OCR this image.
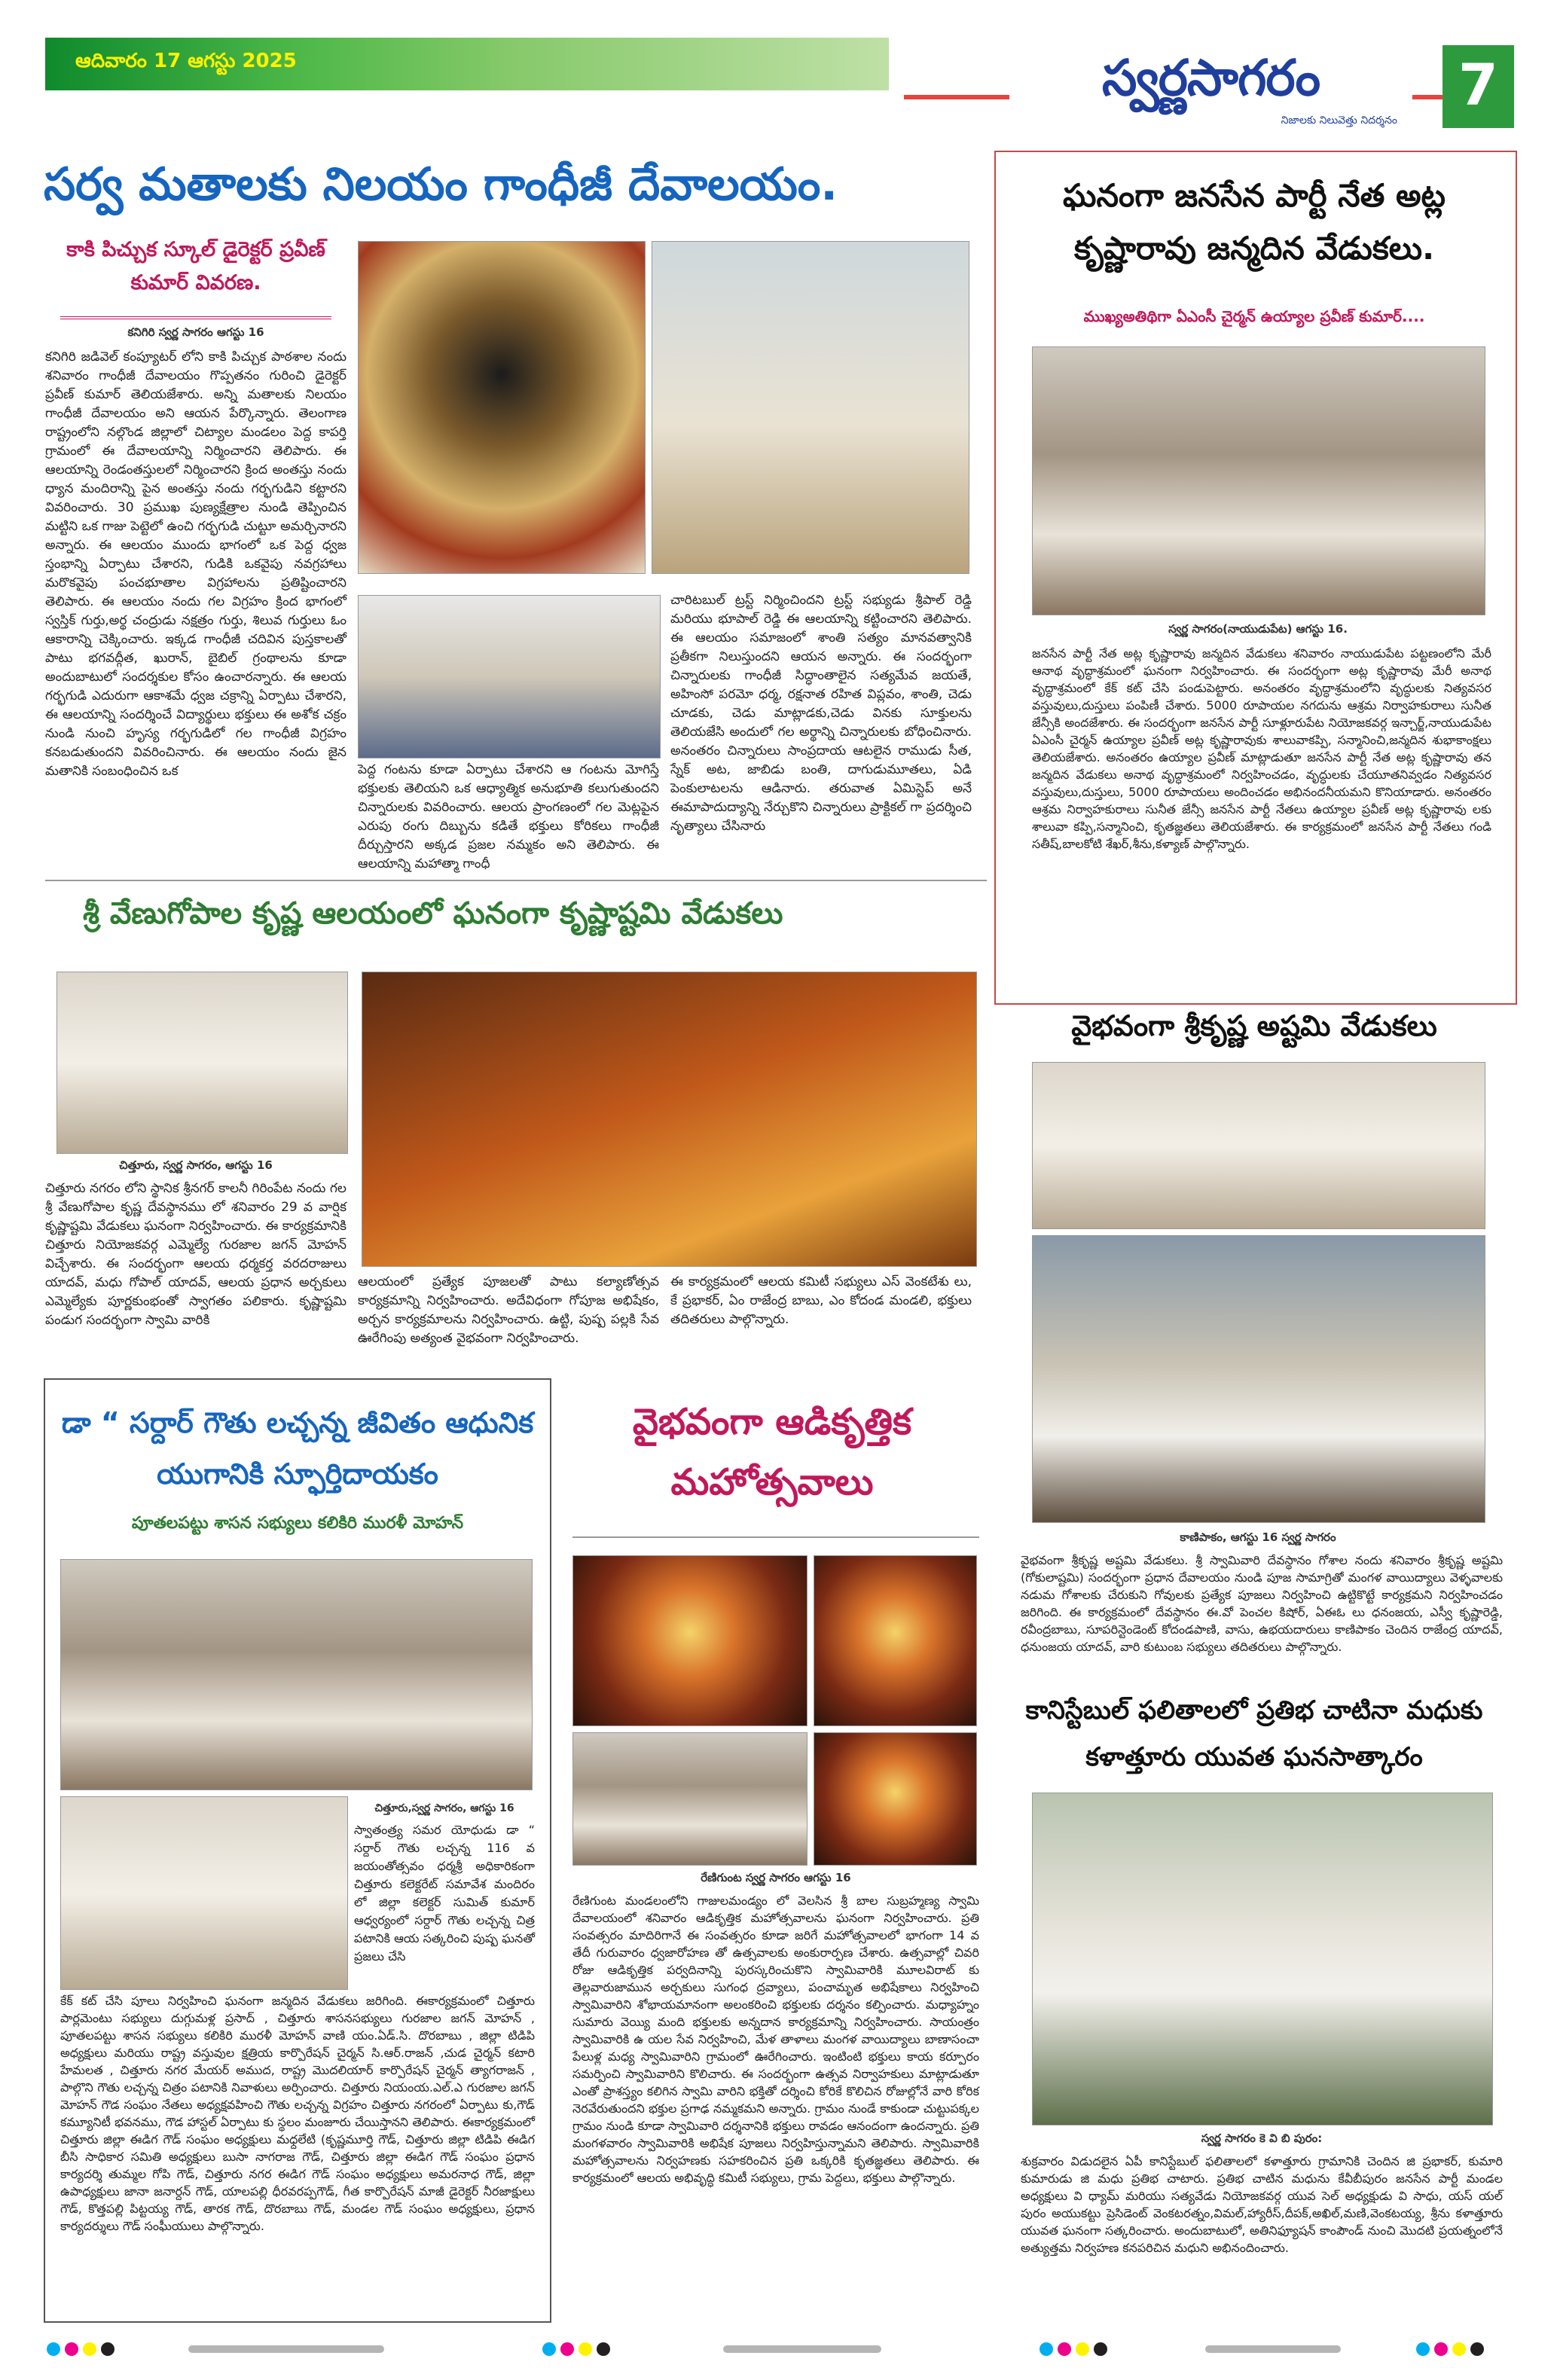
ఆదివారం 17 ఆగస్టు 2025	స్వర్ణసాగరం
నిజాలకు నిలువెత్తు నిదర్శనం
7
సర్వ మతాలకు నిలయం గాంధీజీ దేవాలయం.
కాకి పిచ్చుక స్కూల్ డైరెక్టర్ ప్రవీణ్ కుమార్ వివరణ.
కనిగిరి స్వర్ణ సాగరం ఆగస్టు 16
కనిగిరి జడివెల్ కంప్యూటర్ లోని కాకి పిచ్చుక పాఠశాల నందు శనివారం గాంధీజీ దేవాలయం గొప్పతనం గురించి డైరెక్టర్ ప్రవీణ్ కుమార్ తెలియజేశారు. అన్ని మతాలకు నిలయం గాంధీజీ దేవాలయం అని ఆయన పేర్కొన్నారు. తెలంగాణ రాష్ట్రంలోని నల్గొండ జిల్లాలో చిట్యాల మండలం పెద్ద కాపర్తి గ్రామంలో ఈ దేవాలయాన్ని నిర్మించారని తెలిపారు. ఈ ఆలయాన్ని రెండంతస్తులలో నిర్మించారని క్రింద అంతస్తు నందు ధ్యాన మందిరాన్ని పైన అంతస్తు నందు గర్భగుడిని కట్టారని వివరించారు. 30 ప్రముఖ పుణ్యక్షేత్రాల నుండి తెప్పించిన మట్టిని ఒక గాజు పెట్టెలో ఉంచి గర్భగుడి చుట్టూ అమర్చినారని అన్నారు. ఈ ఆలయం ముందు భాగంలో ఒక పెద్ద ధ్వజ స్తంభాన్ని ఏర్పాటు చేశారని, గుడికి ఒకవైపు నవగ్రహాలు మరొకవైపు పంచభూతాల విగ్రహాలను ప్రతిష్టించారని తెలిపారు. ఈ ఆలయం నందు గల విగ్రహం క్రింద భాగంలో స్వస్తిక్ గుర్తు,అర్థ చంద్రుడు నక్షత్రం గుర్తు, శిలువ గుర్తులు ఓం ఆకారాన్ని చెక్కించారు. ఇక్కడ గాంధీజీ చదివిన పుస్తకాలతో పాటు భగవద్గీత, ఖురాన్, బైబిల్ గ్రంథాలను కూడా అందుబాటులో సందర్శకుల కోసం ఉంచారన్నారు. ఈ ఆలయ గర్భగుడి ఎదురుగా ఆకాశమే ధ్వజ చక్రాన్ని ఏర్పాటు చేశారని, ఈ ఆలయాన్ని సందర్శించే విద్యార్థులు భక్తులు ఈ అశోక చక్రం నుండి నుంచి హృస్య గర్భగుడిలో గల గాంధీజీ విగ్రహం కనబడుతుందని వివరించినారు. ఈ ఆలయం నందు జైన మతానికి సంబంధించిన ఒక	పెద్ద గంటను కూడా ఏర్పాటు చేశారని ఆ గంటను మోగిస్తే భక్తులకు తెలియని ఒక ఆధ్యాత్మిక అనుభూతి కలుగుతుందని చిన్నారులకు వివరించారు. ఆలయ ప్రాంగణంలో గల మెట్లపైన ఎరుపు రంగు దిబ్బును కడితే భక్తులు కోరికలు గాంధీజీ దీర్చుస్తారని అక్కడ ప్రజల నమ్మకం అని తెలిపారు. ఈ ఆలయాన్ని మహాత్మా గాంధీ
చారిటబుల్ ట్రస్ట్ నిర్మించిందని ట్రస్ట్ సభ్యుడు శ్రీపాల్ రెడ్డి మరియు భూపాల్ రెడ్డి ఈ ఆలయాన్ని కట్టించారని తెలిపారు. ఈ ఆలయం సమాజంలో శాంతి సత్యం మానవత్వానికి ప్రతీకగా నిలుస్తుందని ఆయన అన్నారు. ఈ సందర్భంగా చిన్నారులకు గాంధీజీ సిద్ధాంతాలైన సత్యమేవ జయతే, అహింసో పరమో ధర్మ, రక్షనాత రహిత విప్లవం, శాంతి, చెడు చూడకు, చెడు మాట్లాడకు,చెడు వినకు సూక్తులను తెలియజేసి అందులో గల అర్థాన్ని చిన్నారులకు బోధించినారు. అనంతరం చిన్నారులు సాంప్రదాయ ఆటలైన రాముడు సీత, స్నేక్ అట, జాబిడు బంతి, దాగుడుమూతలు, ఏడి పెంకులాటలను ఆడినారు. తరువాత ఏమిస్టెప్ అనే ఈమాపాదుద్యాన్ని నేర్చుకొని చిన్నారులు ప్రాక్టికల్ గా ప్రదర్శించి నృత్యాలు చేసినారు
ఘనంగా జనసేన పార్టీ నేత అట్ల కృష్ణారావు జన్మదిన వేడుకలు.
ముఖ్యఅతిథిగా ఏఎంసీ చైర్మన్ ఉయ్యాల ప్రవీణ్ కుమార్....
స్వర్ణ సాగరం(నాయుడుపేట) ఆగస్టు 16.
జనసేన పార్టీ నేత అట్ల కృష్ణారావు జన్మదిన వేడుకలు శనివారం నాయుడుపేట పట్టణంలోని మేరీ ఆనాథ వృద్ధాశ్రమంలో ఘనంగా నిర్వహించారు. ఈ సందర్భంగా అట్ల కృష్ణారావు మేరీ అనాథ వృద్ధాశ్రమంలో కేక్ కట్ చేసి పండుపెట్టారు. అనంతరం వృద్ధాశ్రమంలోని వృద్ధులకు నిత్యవసర వస్తువులు,దుస్తులు పంపిణీ చేశారు. 5000 రూపాయల నగదును ఆశ్రమ నిర్వాహకురాలు సునీత జేన్సీకి అందజేశారు. ఈ సందర్భంగా జనసేన పార్టీ సూళ్లూరుపేట నియోజకవర్గ ఇన్చార్జ్,నాయుడుపేట ఏఎంసీ చైర్మన్ ఉయ్యాల ప్రవీణ్ అట్ల కృష్ణారావుకు శాలువాకప్పి, సన్మానించి,జన్మదిన శుభాకాంక్షలు తెలియజేశారు. అనంతరం ఉయ్యాల ప్రవీణ్ మాట్లాడుతూ జనసేన పార్టీ నేత అట్ల కృష్ణారావు తన జన్మదిన వేడుకలు అనాథ వృద్ధాశ్రమంలో నిర్వహించడం, వృద్ధులకు చేయూతనివ్వడం నిత్యవసర వస్తువులు,దుస్తులు, 5000 రూపాయలు అందించడం అభినందనీయమని కొనియాడారు. అనంతరం ఆశ్రమ నిర్వాహకురాలు సునీత జేన్సీ జనసేన పార్టీ నేతలు ఉయ్యాల ప్రవీణ్ అట్ల కృష్ణారావు లకు శాలువా కప్పి,సన్మానించి, కృతజ్ఞతలు తెలియజేశారు. ఈ కార్యక్రమంలో జనసేన పార్టీ నేతలు గండి సతీష్,బాలకోటి శేఖర్,శీను,కళ్యాణ్ పాల్గొన్నారు.
శ్రీ వేణుగోపాల కృష్ణ ఆలయంలో ఘనంగా కృష్ణాష్టమి వేడుకలు
చిత్తూరు, స్వర్ణ సాగరం, ఆగస్టు 16
చిత్తూరు నగరం లోని స్థానిక శ్రీనగర్ కాలనీ గిరింపేట నందు గల శ్రీ వేణుగోపాల కృష్ణ దేవస్థానము లో శనివారం 29 వ వార్షిక కృష్ణాష్టమి వేడుకలు ఘనంగా నిర్వహించారు. ఈ కార్యక్రమానికి చిత్తూరు నియోజకవర్గ ఎమ్మెల్యే గురజాల జగన్ మోహన్ విచ్చేశారు. ఈ సందర్భంగా ఆలయ ధర్మకర్త వరదరాజులు యాదవ్, మధు గోపాల్ యాదవ్, ఆలయ ప్రధాన అర్చకులు ఎమ్మెల్యేకు పూర్ణకుంభంతో స్వాగతం పలికారు. కృష్ణాష్టమి పండుగ సందర్భంగా స్వామి వారికి
ఆలయంలో ప్రత్యేక పూజలతో పాటు కల్యాణోత్సవ కార్యక్రమాన్ని నిర్వహించారు. అదేవిధంగా గోపూజ అభిషేకం, అర్చన కార్యక్రమాలను నిర్వహించారు. ఉట్టి, పుష్ప పల్లకి సేవ ఊరేగింపు అత్యంత వైభవంగా నిర్వహించారు.
ఈ కార్యక్రమంలో ఆలయ కమిటీ సభ్యులు ఎస్ వెంకటేశు లు, కే ప్రభాకర్, ఏం రాజేంద్ర బాబు, ఎం కోదండ మండలి, భక్తులు తదితరులు పాల్గొన్నారు.
డా “ సర్దార్ గౌతు లచ్చన్న జీవితం ఆధునిక యుగానికి స్ఫూర్తిదాయకం
పూతలపట్టు శాసన సభ్యులు కలికిరి మురళీ మోహన్
చిత్తూరు,స్వర్ణ సాగరం, ఆగస్టు 16
స్వాతంత్ర్య సమర యోధుడు డా “ సర్దార్ గౌతు లచ్చన్న 116 వ జయంతోత్సవం ధర్మశ్రీ అధికారికంగా చిత్తూరు కలెక్టరేట్ సమావేశ మందిరం లో జిల్లా కలెక్టర్ సుమిత్ కుమార్ ఆధ్వర్యంలో సర్దార్ గౌతు లచ్చన్న చిత్ర పటానికి ఆయ సత్కరించి పుష్ప ఘనతో ప్రజలు చేసి
కేక్ కట్ చేసి పూలు నిర్వహించి ఘనంగా జన్మదిన వేడుకలు జరిగింది. ఈకార్యక్రమంలో చిత్తూరు పార్లమెంటు సభ్యులు దుగ్గుమళ్ల ప్రసాద్ , చిత్తూరు శాసనసభ్యులు గురజాల జగన్ మోహన్ , పూతలపట్టు శాసన సభ్యులు కలికిరి మురళీ మోహన్ వాణి యం.ఏడ్.సి. దొరబాబు , జిల్లా టిడిపి అధ్యక్షులు మరియు రాష్ట్ర వస్తువుల క్షత్రియ కార్పొరేషన్ చైర్మన్ సి.ఆర్.రాజన్ ,చుడ చైర్మన్ కటారి హేమలత , చిత్తూరు నగర మేయర్ అముద, రాష్ట్ర మొదలియార్ కార్పొరేషన్ చైర్మన్ త్యాగరాజన్ , పాల్గొని గౌతు లచ్చన్న చిత్రం పటానికి నివాళులు అర్పించారు. చిత్తూరు నియంయ.ఎల్.ఎ గురజాల జగన్ మోహన్ గౌడ సంఘం నేతలు అధ్యక్షవహించి గౌతు లచ్చన్న విగ్రహం చిత్తూరు నగరంలో ఏర్పాటు కు,గౌడ్ కమ్యూనిటీ భవనము, గౌడ హాస్టల్ ఏర్పాటు కు స్థలం మంజూరు చేయిస్తానని తెలిపారు. ఈకార్యక్రమంలో చిత్తూరు జిల్లా ఈడిగ గౌడ్ సంఘం అధ్యక్షులు మధ్దలేటి (కృష్ణమూర్తి గౌడ్, చిత్తూరు జిల్లా టిడిపి ఈడిగ బీసి సాధికార సమితి అధ్యక్షులు బుసా నాగరాజ గౌడ్, చిత్తూరు జిల్లా ఈడిగ గౌడ్ సంఘం ప్రధాన కార్యదర్శి తుమ్మల గోపి గౌడ్, చిత్తూరు నగర ఈడిగ గౌడ్ సంఘం అధ్యక్షులు అమరనాధ గౌడ్, జిల్లా ఉపాధ్యక్షులు జానా జనార్దన్ గౌడ్, యాలపల్లి ధీరవరప్పగౌడ్, గీత కార్పొరేషన్ మాజీ డైరెక్టర్ నీరజాక్షులు గౌడ్, కొత్తపల్లి పిట్టయ్య గౌడ్, తారక గౌడ్, దొరబాబు గౌడ్, మండల గౌడ్ సంఘం అధ్యక్షులు, ప్రధాన కార్యదర్శులు గౌడ్ సంఘీయులు పాల్గొన్నారు.
వైభవంగా ఆడికృత్తిక మహోత్సవాలు
రేణిగుంట స్వర్ణ సాగరం ఆగస్టు 16
రేణిగుంట మండలంలోని గాజులమండ్యం లో వెలసిన శ్రీ బాల సుబ్రహ్మణ్య స్వామి దేవాలయంలో శనివారం ఆడికృత్తిక మహోత్సవాలను ఘనంగా నిర్వహించారు. ప్రతి సంవత్సరం మాదిరిగానే ఈ సంవత్సరం కూడా జరిగే మహోత్సవాలలో భాగంగా 14 వ తేదీ గురువారం ధ్వజారోహణ తో ఉత్సవాలకు అంకురార్పణ చేశారు. ఉత్సవాల్లో చివరి రోజు ఆడికృత్తిక పర్వదినాన్ని పురస్కరించుకొని స్వామివారికి మూలవిరాట్ కు తెల్లవారుజామున అర్చకులు సుగంధ ద్రవ్యాలు, పంచామృత అభిషేకాలు నిర్వహించి స్వామివారిని శోభాయమానంగా అలంకరించి భక్తులకు దర్శనం కల్పించారు. మధ్యాహ్నం సుమారు వెయ్యి మంది భక్తులకు అన్నదాన కార్యక్రమాన్ని నిర్వహించారు. సాయంత్రం స్వామివారికి ఉ యల సేవ నిర్వహించి, మేళ తాళాలు మంగళ వాయిద్యాలు బాణాసంచా పేలుళ్ల మధ్య స్వామివారిని గ్రామంలో ఊరేగించారు. ఇంటింటి భక్తులు కాయ కర్పూరం సమర్పించి స్వామివారిని కొలిచారు. ఈ సందర్భంగా ఉత్సవ నిర్వాహకులు మాట్లాడుతూ ఎంతో ప్రాశస్త్యం కలిగిన స్వామి వారిని భక్తితో దర్శించి కోరికే కొలిచిన రోజుల్లోనే వారి కోరిక నెరవేరుతుందని భక్తుల ప్రగాఢ నమ్మకమని అన్నారు. గ్రామం నుండే కాకుండా చుట్టుపక్కల గ్రామం నుండి కూడా స్వామివారి దర్శనానికి భక్తులు రావడం ఆనందంగా ఉందన్నారు. ప్రతి మంగళవారం స్వామివారికి అభిషేక పూజలు నిర్వహిస్తున్నామని తెలిపారు. స్వామివారికి మహోత్సవాలను నిర్వహణకు సహకరించిన ప్రతి ఒక్కరికి కృతజ్ఞతలు తెలిపారు. ఈ కార్యక్రమంలో ఆలయ అభివృద్ధి కమిటీ సభ్యులు, గ్రామ పెద్దలు, భక్తులు పాల్గొన్నారు.
వైభవంగా శ్రీకృష్ణ అష్టమి వేడుకలు
కాణిపాకం, ఆగస్టు 16 స్వర్ణ సాగరం
వైభవంగా శ్రీకృష్ణ అష్టమి వేడుకలు. శ్రీ స్వామివారి దేవస్థానం గోశాల నందు శనివారం శ్రీకృష్ణ అష్టమి (గోకులాష్టమి) సందర్భంగా ప్రధాన దేవాలయం నుండి పూజ సామాగ్రితో మంగళ వాయిద్యాలు వెళ్ళవాలకు నడుమ గోశాలకు చేరుకుని గోవులకు ప్రత్యేక పూజలు నిర్వహించి ఉట్టికొట్టే కార్యక్రమని నిర్వహించడం జరిగింది. ఈ కార్యక్రమంలో దేవస్థానం ఈ.వో పెంచల కిషోర్, ఏఈఓ లు ధనంజయ, ఎస్వీ కృష్ణారెడ్డి, రవీంద్రబాబు, సూపరిన్టెండెంట్ కోదండపాణి, వాసు, ఉభయదారులు కాణిపాకం చెందిన రాజేంద్ర యాదవ్, ధనుంజయ యాదవ్, వారి కుటుంబ సభ్యులు తదితరులు పాల్గొన్నారు.
కానిస్టేబుల్ ఫలితాలలో ప్రతిభ చాటినా మధుకు కళాత్తూరు యువత ఘనసాత్కారం
స్వర్ణ సాగరం కె వి బి పురం:
శుక్రవారం విడుదలైన ఏపీ కానిస్టేబుల్ ఫలితాలలో కళాత్తూరు గ్రామానికి చెందిన జి ప్రభాకర్, కుమారి కుమారుడు జి మధు ప్రతిభ చాటారు. ప్రతిభ చాటిన మధును కేవీబీపురం జనసేన పార్టీ మండల అధ్యక్షులు వి ధ్యామ్ మరియు సత్యవేడు నియోజకవర్గ యువ సెల్ అధ్యక్షుడు వి సాధు, యస్ యల్ పురం అయుకట్టు ప్రెసిడెంట్ వెంకటరత్నం,విమల్,హ్యారీస్,దీపక్,అఖిల్,మణి,వెంకటయ్య, శ్రీను కళాత్తూరు యువత ఘనంగా సత్కరించారు. అందుబాటులో, అతినిఫ్యూషన్ కాంపౌండ్ నుంచి మొదటి ప్రయత్నంలోనే అత్యుత్తమ నిర్వహణ కనపరిచిన మధుని అభినందించారు.
